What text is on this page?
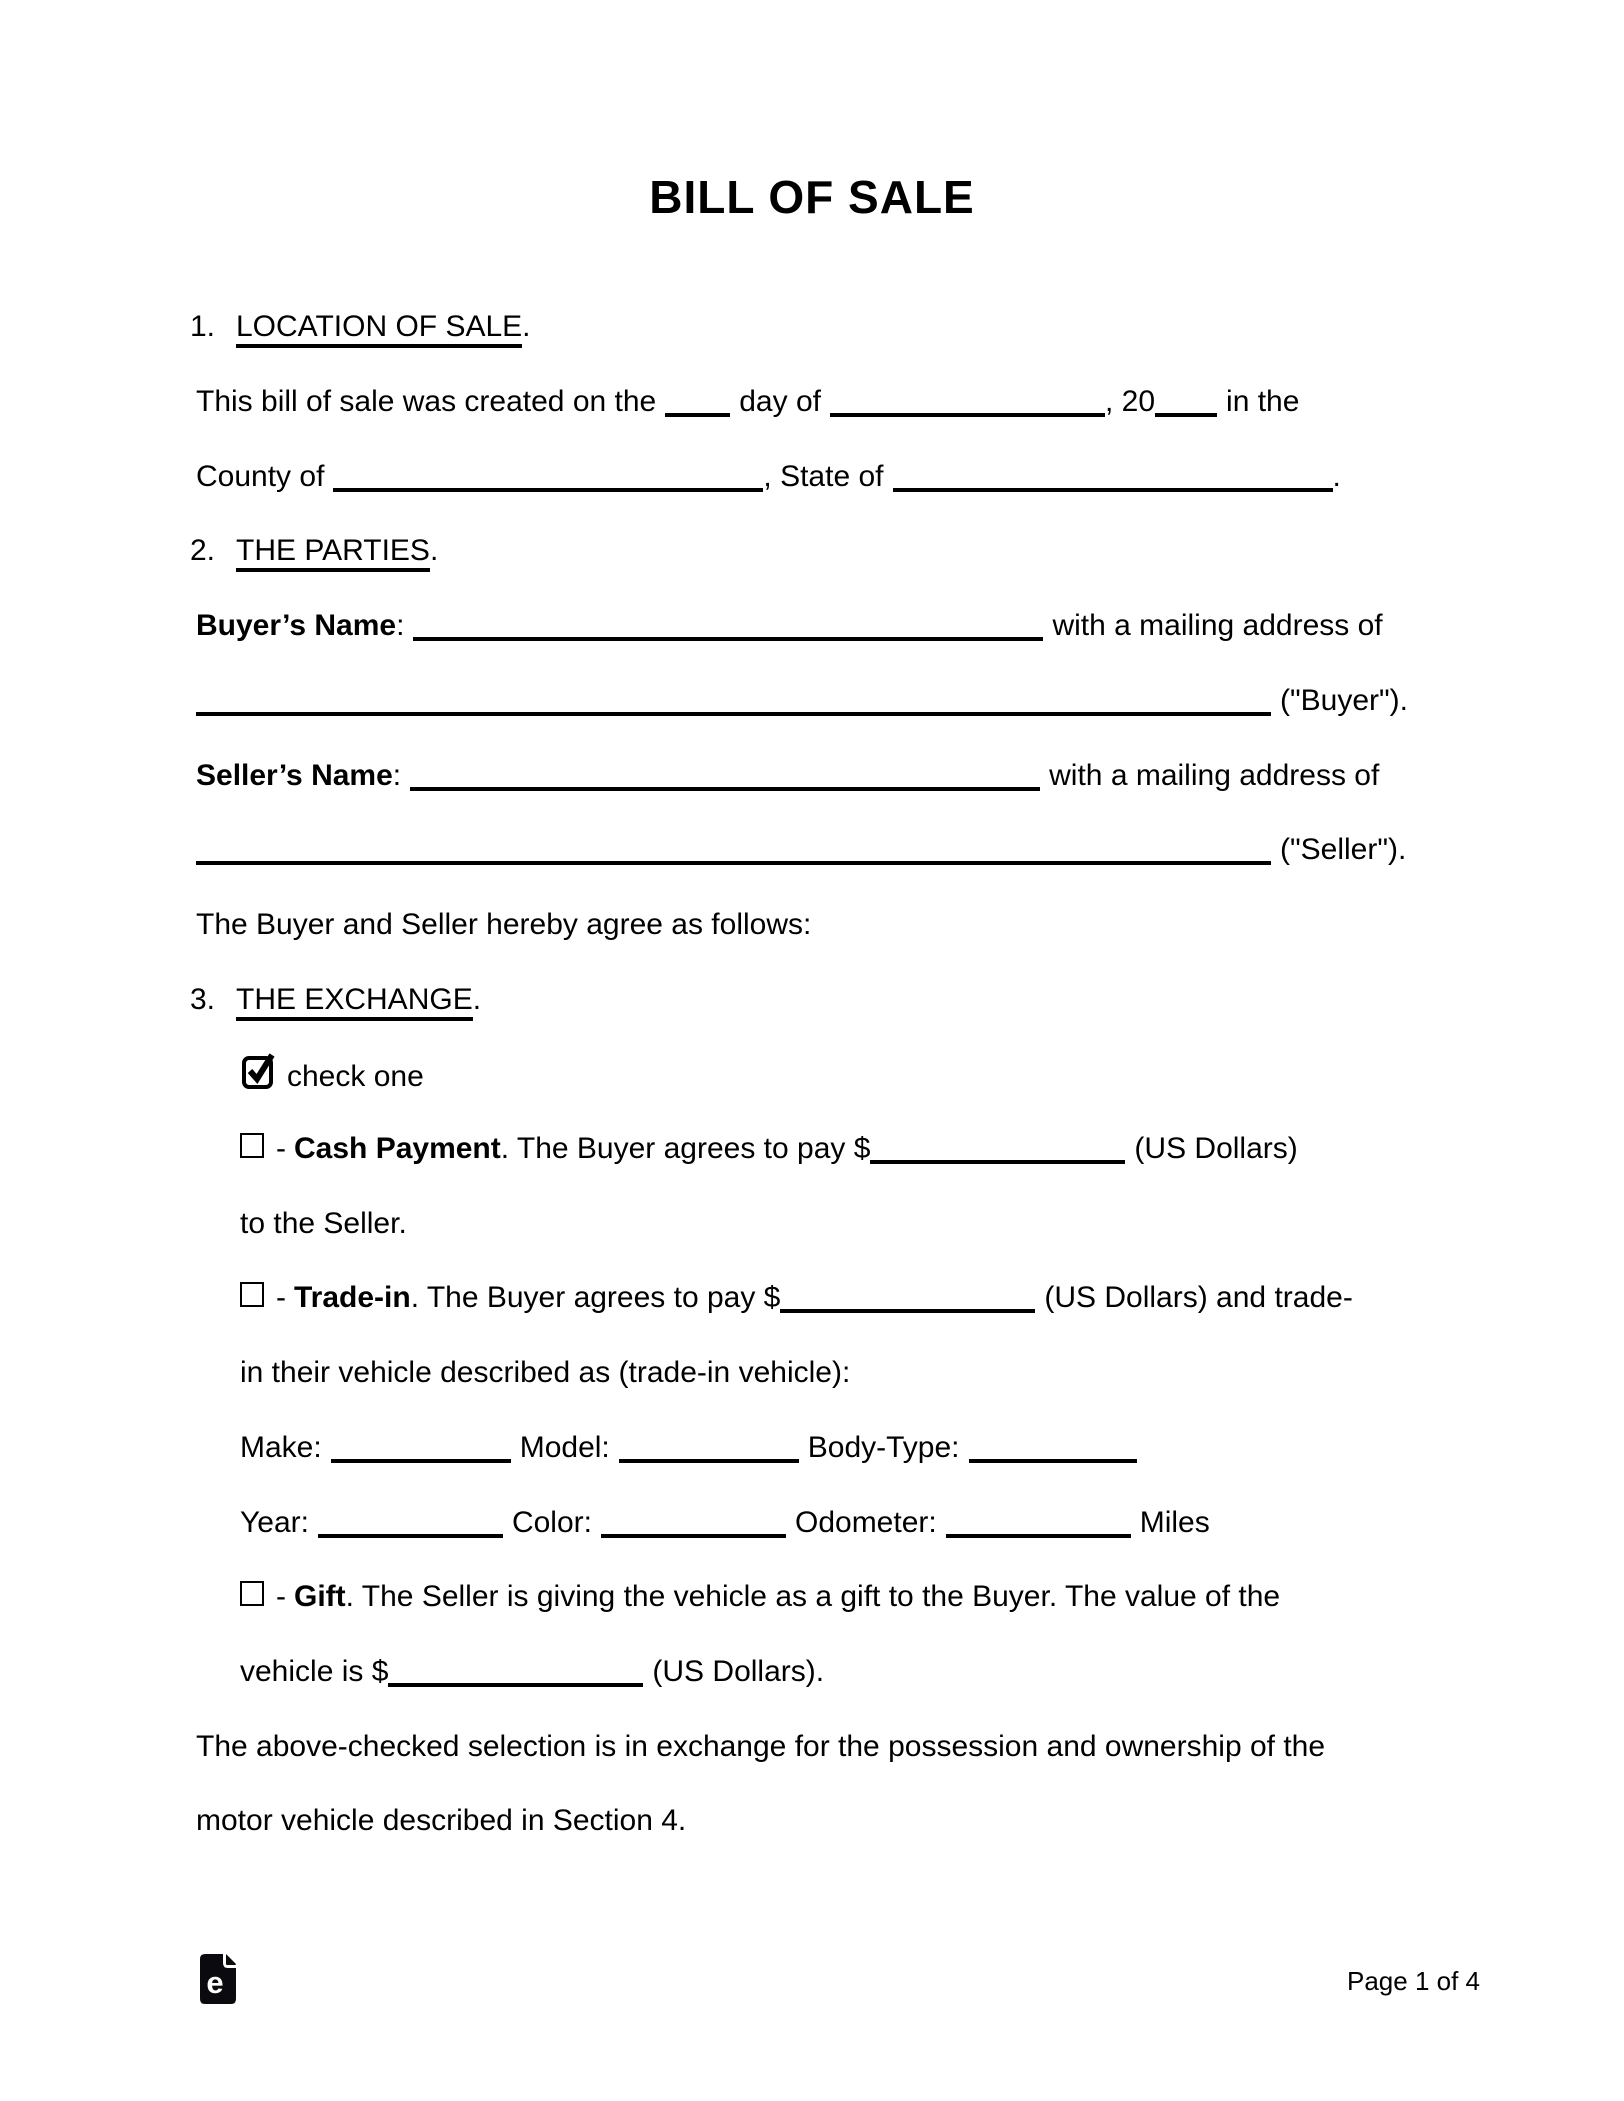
BILL OF SALE
1. LOCATION OF SALE.
This bill of sale was created on the	day of	, 20 in the
County of	, State of	.
2. THE PARTIES.
Buyer’s Name:	with a mailing address of
("Buyer").
Seller’s Name:	with a mailing address of
("Seller").
The Buyer and Seller hereby agree as follows:
3. THE EXCHANGE.
check one
- Cash Payment. The Buyer agrees to pay $	(US Dollars)
to the Seller.
- Trade-in. The Buyer agrees to pay $	(US Dollars) and trade-
in their vehicle described as (trade-in vehicle):
Make:	Model:	Body-Type:
Year:	Color:	Odometer:	Miles
- Gift. The Seller is giving the vehicle as a gift to the Buyer. The value of the
vehicle is $	(US Dollars).
The above-checked selection is in exchange for the possession and ownership of the
motor vehicle described in Section 4.
e	Page 1 of 4
